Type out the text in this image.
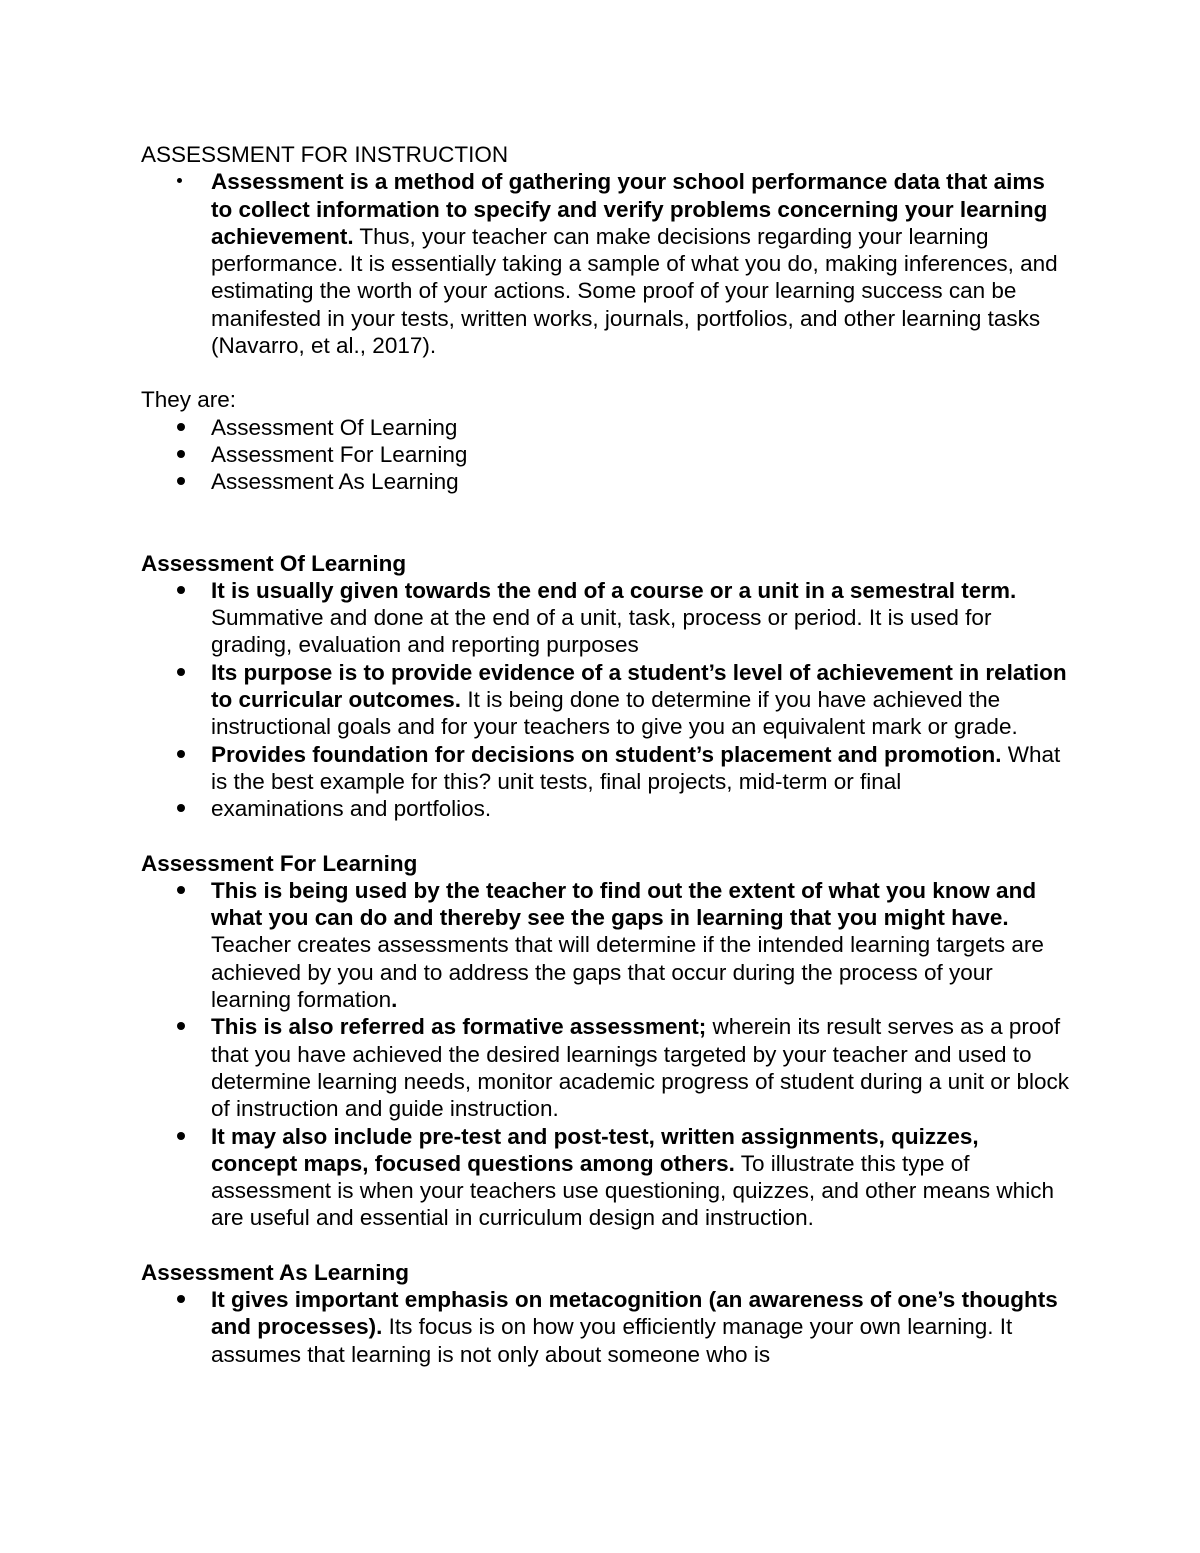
ASSESSMENT FOR INSTRUCTION
Assessment is a method of gathering your school performance data that aims to collect information to specify and verify problems concerning your learning achievement. Thus, your teacher can make decisions regarding your learning performance. It is essentially taking a sample of what you do, making inferences, and estimating the worth of your actions. Some proof of your learning success can be manifested in your tests, written works, journals, portfolios, and other learning tasks (Navarro, et al., 2017).

They are:

Assessment Of Learning
Assessment For Learning
Assessment As Learning
Assessment Of Learning
It is usually given towards the end of a course or a unit in a semestral term. Summative and done at the end of a unit, task, process or period. It is used for grading, evaluation and reporting purposes
Its purpose is to provide evidence of a student’s level of achievement in relation to curricular outcomes. It is being done to determine if you have achieved the instructional goals and for your teachers to give you an equivalent mark or grade.
Provides foundation for decisions on student’s placement and promotion. What is the best example for this? unit tests, final projects, mid-term or final
examinations and portfolios.
Assessment For Learning
This is being used by the teacher to find out the extent of what you know and what you can do and thereby see the gaps in learning that you might have. Teacher creates assessments that will determine if the intended learning targets are achieved by you and to address the gaps that occur during the process of your learning formation.
This is also referred as formative assessment; wherein its result serves as a proof that you have achieved the desired learnings targeted by your teacher and used to determine learning needs, monitor academic progress of student during a unit or block of instruction and guide instruction.
It may also include pre-test and post-test, written assignments, quizzes, concept maps, focused questions among others. To illustrate this type of assessment is when your teachers use questioning, quizzes, and other means which are useful and essential in curriculum design and instruction.
Assessment As Learning
It gives important emphasis on metacognition (an awareness of one’s thoughts and processes). Its focus is on how you efficiently manage your own learning. It assumes that learning is not only about someone who is
